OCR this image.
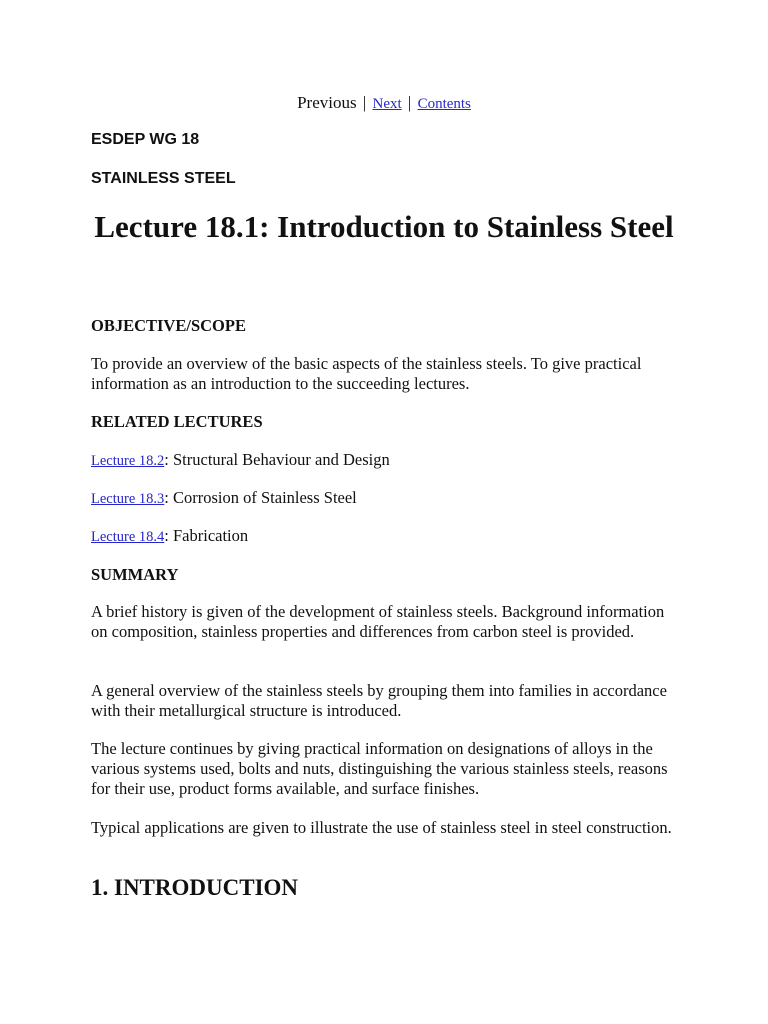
Previous | Next | Contents
ESDEP WG 18
STAINLESS STEEL
Lecture 18.1: Introduction to Stainless Steel

OBJECTIVE/SCOPE

To provide an overview of the basic aspects of the stainless steels. To give practical information as an introduction to the succeeding lectures.

RELATED LECTURES

Lecture 18.2: Structural Behaviour and Design

Lecture 18.3: Corrosion of Stainless Steel

Lecture 18.4: Fabrication

SUMMARY

A brief history is given of the development of stainless steels. Background information on composition, stainless properties and differences from carbon steel is provided.

A general overview of the stainless steels by grouping them into families in accordance with their metallurgical structure is introduced.

The lecture continues by giving practical information on designations of alloys in the various systems used, bolts and nuts, distinguishing the various stainless steels, reasons for their use, product forms available, and surface finishes.

Typical applications are given to illustrate the use of stainless steel in steel construction.

1. INTRODUCTION
